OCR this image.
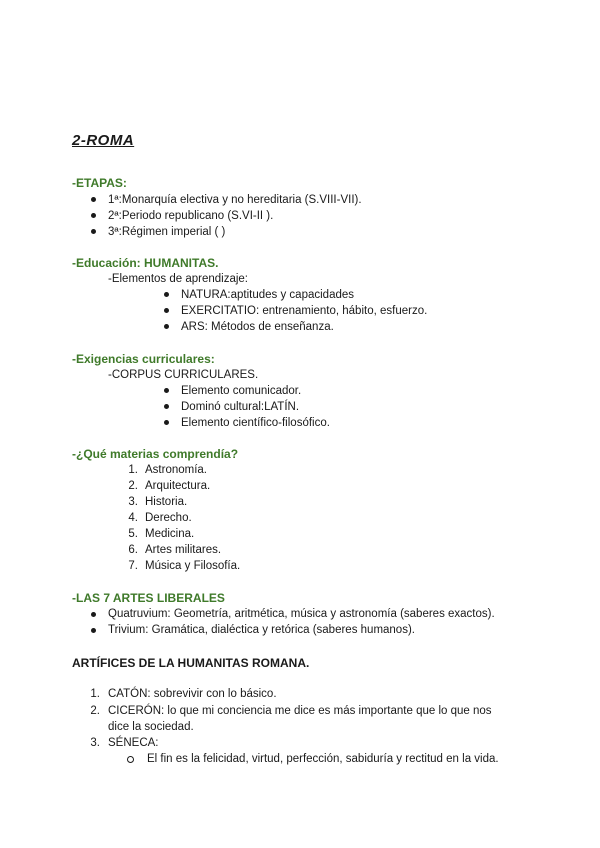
2-ROMA
-ETAPAS:
1ª:Monarquía electiva y no hereditaria (S.VIII-VII).
2ª:Periodo republicano (S.VI-II ).
3ª:Régimen imperial ( )
-Educación: HUMANITAS.
-Elementos de aprendizaje:
NATURA:aptitudes y capacidades
EXERCITATIO: entrenamiento, hábito, esfuerzo.
ARS: Métodos de enseñanza.
-Exigencias curriculares:
-CORPUS CURRICULARES.
Elemento comunicador.
Dominó cultural:LATÍN.
Elemento científico-filosófico.
-¿Qué materias comprendía?
1. Astronomía.
2. Arquitectura.
3. Historia.
4. Derecho.
5. Medicina.
6. Artes militares.
7. Música y Filosofía.
-LAS 7 ARTES LIBERALES
Quatruvium: Geometría, aritmética, música y astronomía (saberes exactos).
Trivium: Gramática, dialéctica y retórica (saberes humanos).
ARTÍFICES DE LA HUMANITAS ROMANA.
1. CATÓN: sobrevivir con lo básico.
2. CICERÓN: lo que mi conciencia me dice es más importante que lo que nos
dice la sociedad.
3. SÉNECA:
El fin es la felicidad, virtud, perfección, sabiduría y rectitud en la vida.
